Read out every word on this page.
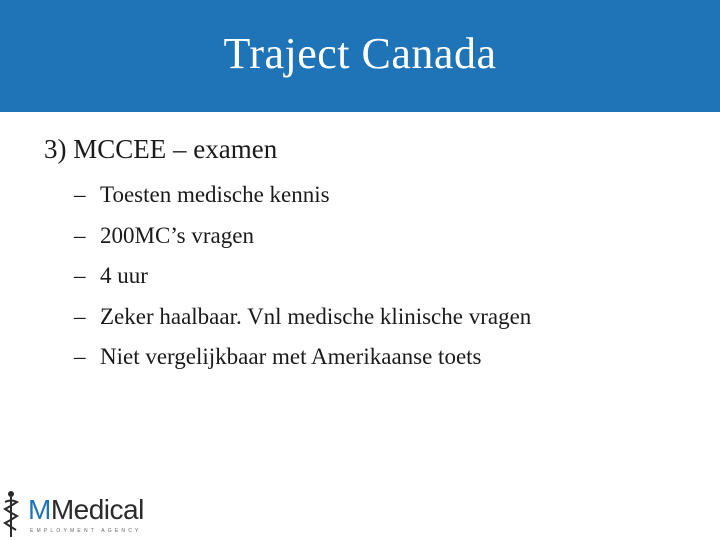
Traject Canada
3) MCCEE – examen
– Toesten medische kennis
– 200MC’s vragen
– 4 uur
– Zeker haalbaar. Vnl medische klinische vragen
– Niet vergelijkbaar met Amerikaanse toets
MMedical
EMPLOYMENT AGENCY
